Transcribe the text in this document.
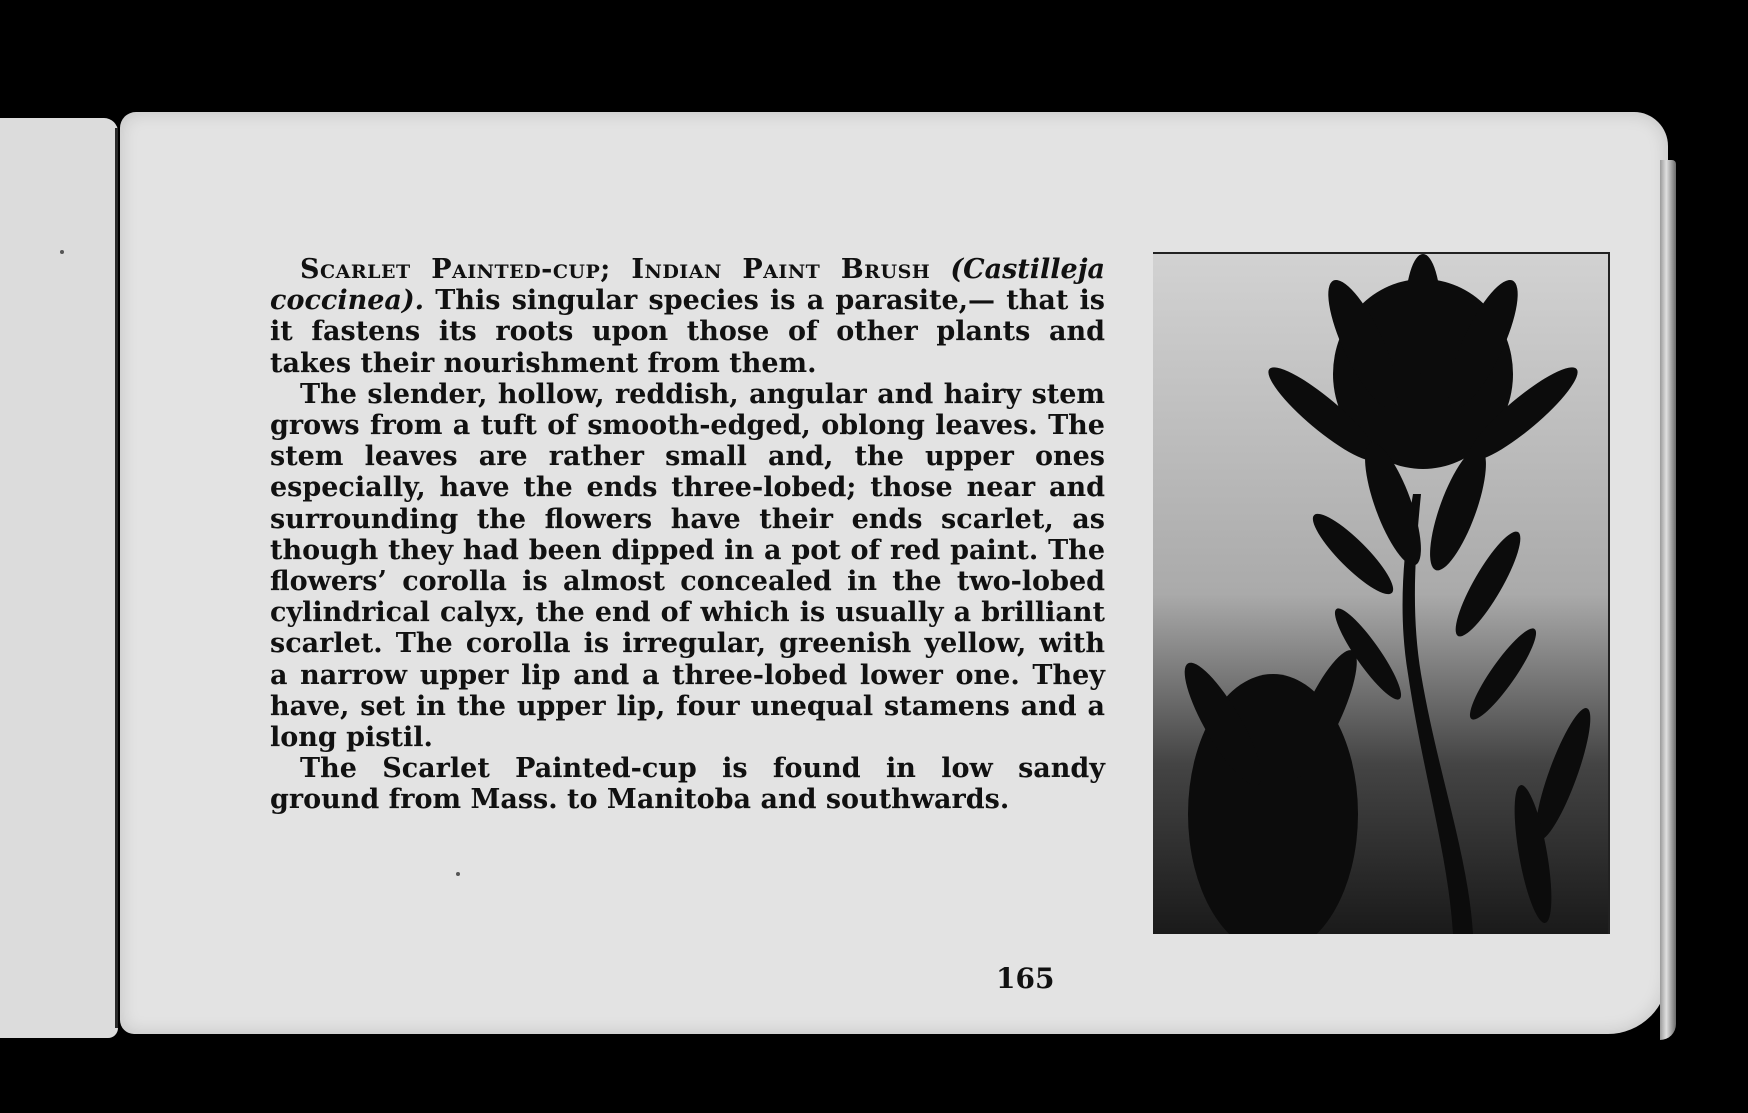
Scarlet Painted-cup; Indian Paint Brush (Castilleja coccinea). This singular species is a parasite,— that is it fastens its roots upon those of other plants and takes their nourishment from them.

The slender, hollow, reddish, angular and hairy stem grows from a tuft of smooth-edged, oblong leaves. The stem leaves are rather small and, the upper ones especially, have the ends three-lobed; those near and surrounding the flowers have their ends scarlet, as though they had been dipped in a pot of red paint. The flowers’ corolla is almost concealed in the two-lobed cylindrical calyx, the end of which is usually a brilliant scarlet. The corolla is irregular, greenish yellow, with a narrow upper lip and a three-lobed lower one. They have, set in the upper lip, four unequal stamens and a long pistil.

The Scarlet Painted-cup is found in low sandy ground from Mass. to Manitoba and southwards.

165
